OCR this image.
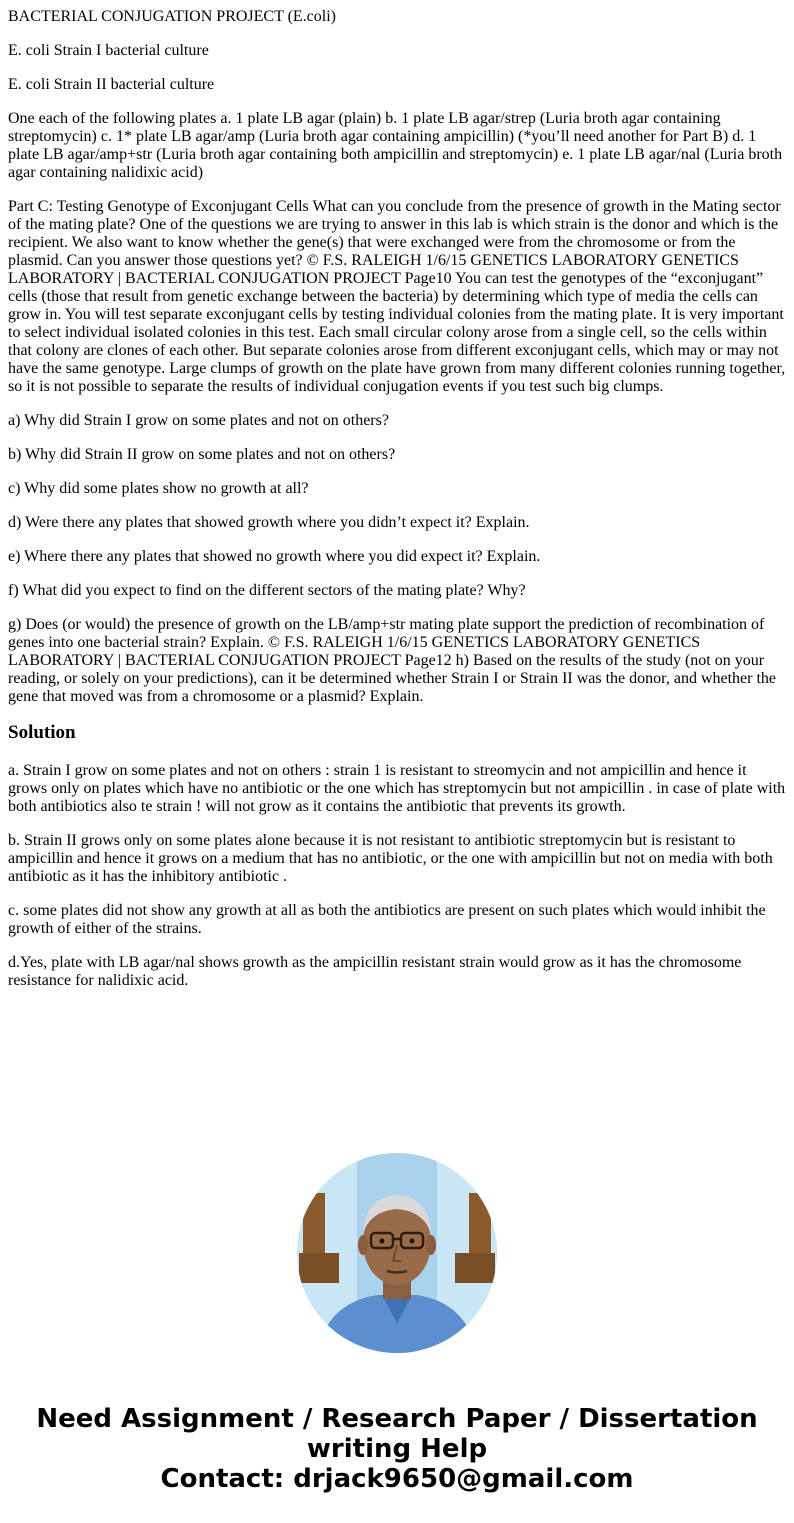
BACTERIAL CONJUGATION PROJECT (E.coli)

E. coli Strain I bacterial culture

E. coli Strain II bacterial culture

One each of the following plates a. 1 plate LB agar (plain) b. 1 plate LB agar/strep (Luria broth agar containing streptomycin) c. 1* plate LB agar/amp (Luria broth agar containing ampicillin) (*you’ll need another for Part B) d. 1 plate LB agar/amp+str (Luria broth agar containing both ampicillin and streptomycin) e. 1 plate LB agar/nal (Luria broth agar containing nalidixic acid)

Part C: Testing Genotype of Exconjugant Cells What can you conclude from the presence of growth in the Mating sector of the mating plate? One of the questions we are trying to answer in this lab is which strain is the donor and which is the recipient. We also want to know whether the gene(s) that were exchanged were from the chromosome or from the plasmid. Can you answer those questions yet? © F.S. RALEIGH 1/6/15 GENETICS LABORATORY GENETICS LABORATORY | BACTERIAL CONJUGATION PROJECT Page10 You can test the genotypes of the “exconjugant” cells (those that result from genetic exchange between the bacteria) by determining which type of media the cells can grow in. You will test separate exconjugant cells by testing individual colonies from the mating plate. It is very important to select individual isolated colonies in this test. Each small circular colony arose from a single cell, so the cells within that colony are clones of each other. But separate colonies arose from different exconjugant cells, which may or may not have the same genotype. Large clumps of growth on the plate have grown from many different colonies running together, so it is not possible to separate the results of individual conjugation events if you test such big clumps.

a) Why did Strain I grow on some plates and not on others?

b) Why did Strain II grow on some plates and not on others?

c) Why did some plates show no growth at all?

d) Were there any plates that showed growth where you didn’t expect it? Explain.

e) Where there any plates that showed no growth where you did expect it? Explain.

f) What did you expect to find on the different sectors of the mating plate? Why?

g) Does (or would) the presence of growth on the LB/amp+str mating plate support the prediction of recombination of genes into one bacterial strain? Explain. © F.S. RALEIGH 1/6/15 GENETICS LABORATORY GENETICS LABORATORY | BACTERIAL CONJUGATION PROJECT Page12 h) Based on the results of the study (not on your reading, or solely on your predictions), can it be determined whether Strain I or Strain II was the donor, and whether the gene that moved was from a chromosome or a plasmid? Explain.

Solution

a. Strain I grow on some plates and not on others : strain 1 is resistant to streomycin and not ampicillin and hence it grows only on plates which have no antibiotic or the one which has streptomycin but not ampicillin . in case of plate with both antibiotics also te strain ! will not grow as it contains the antibiotic that prevents its growth.

b. Strain II grows only on some plates alone because it is not resistant to antibiotic streptomycin but is resistant to ampicillin and hence it grows on a medium that has no antibiotic, or the one with ampicillin but not on media with both antibiotic as it has the inhibitory antibiotic .

c. some plates did not show any growth at all as both the antibiotics are present on such plates which would inhibit the growth of either of the strains.

d.Yes, plate with LB agar/nal shows growth as the ampicillin resistant strain would grow as it has the chromosome resistance for nalidixic acid.

Need Assignment / Research Paper / Dissertation
writing Help
Contact: drjack9650@gmail.com
